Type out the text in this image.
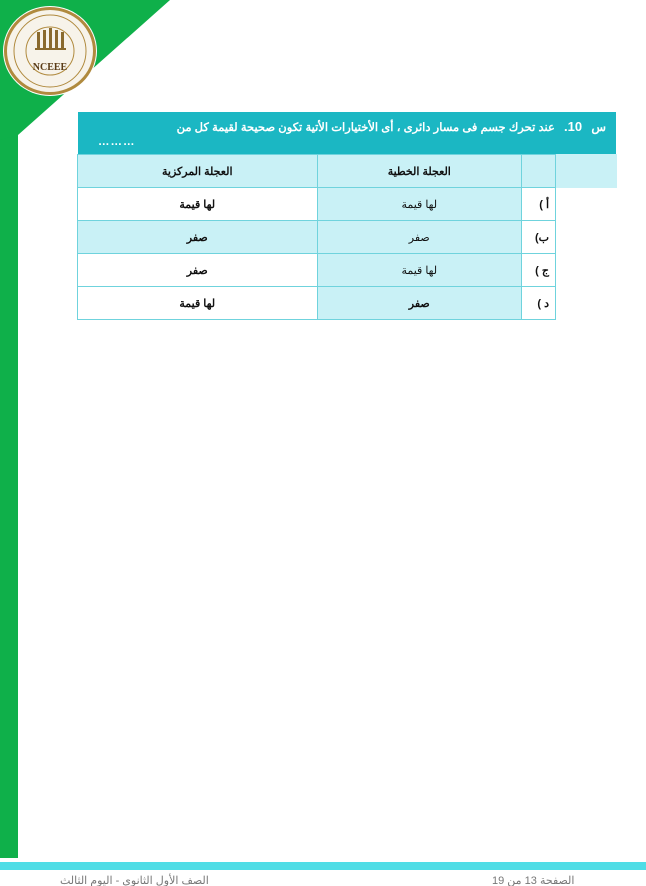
NCEEE
س 10. عند تحرك جسم فى مسار دائرى ، أى الأختيارات الأتية تكون صحيحة لقيمة كل من
………
	العجلة الخطية	العجلة المركزية
أ )	لها قيمة	لها قيمة
ب)	صفر	صفر
ج )	لها قيمة	صفر
د )	صفر	لها قيمة
الصف الأول الثانوى - اليوم الثالث	الصفحة 13 من 19
